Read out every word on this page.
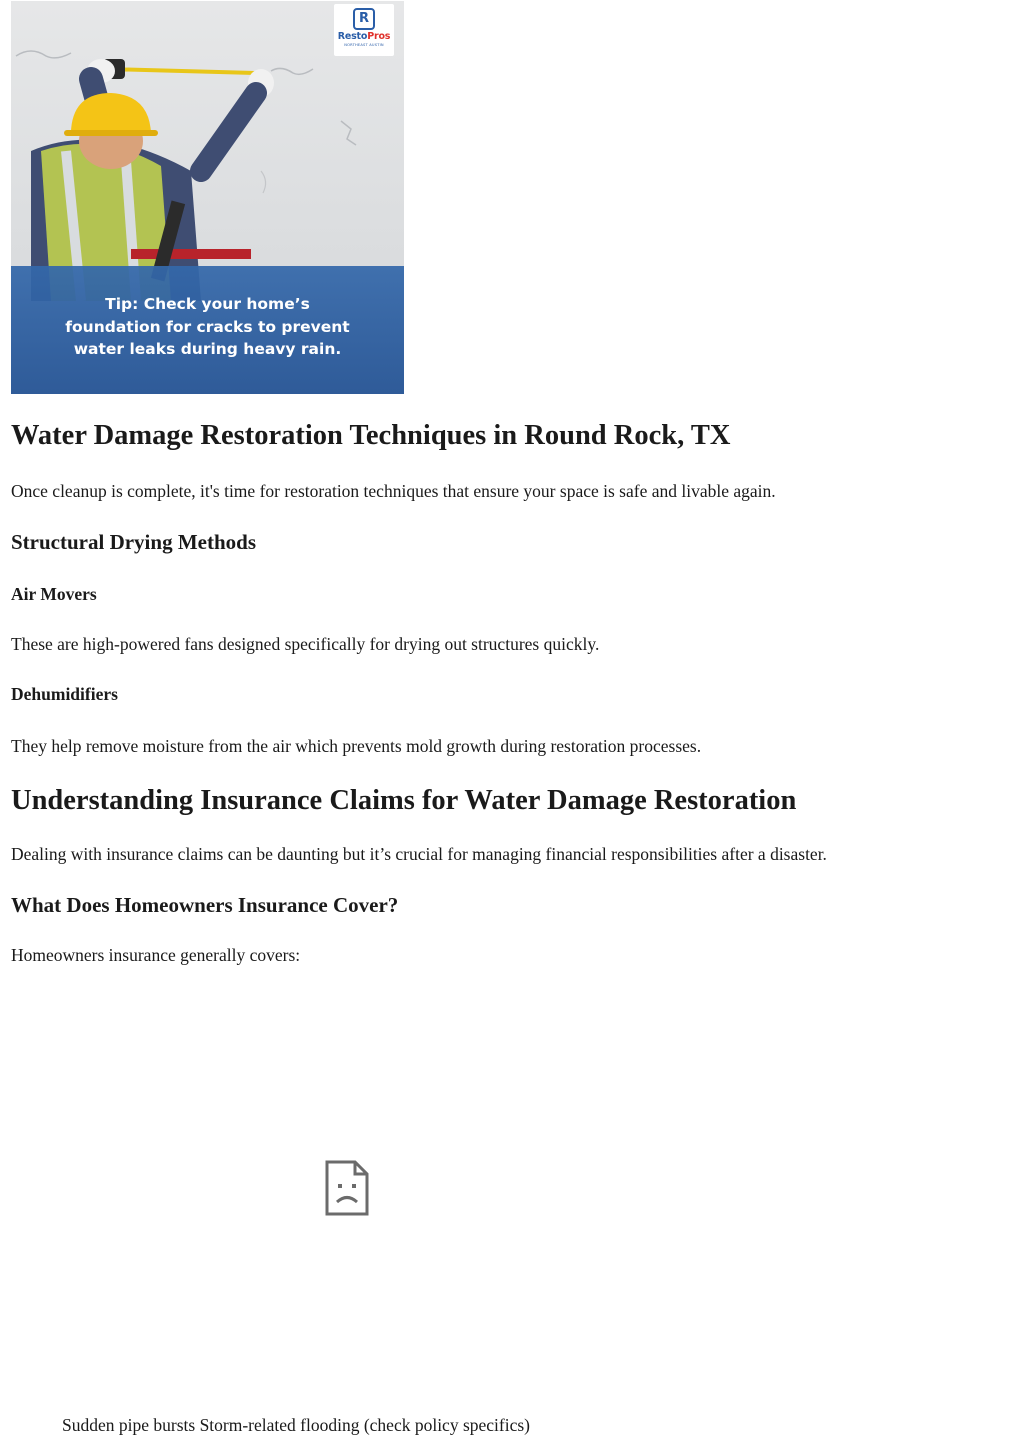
Tip: Check your home’s
foundation for cracks to prevent
water leaks during heavy rain.
R
RestoPros
NORTHEAST AUSTIN
Water Damage Restoration Techniques in Round Rock, TX

Once cleanup is complete, it's time for restoration techniques that ensure your space is safe and livable again.

Structural Drying Methods
Air Movers

These are high-powered fans designed specifically for drying out structures quickly.

Dehumidifiers

They help remove moisture from the air which prevents mold growth during restoration processes.

Understanding Insurance Claims for Water Damage Restoration

Dealing with insurance claims can be daunting but it’s crucial for managing financial responsibilities after a disaster.

What Does Homeowners Insurance Cover?

Homeowners insurance generally covers:

Sudden pipe bursts Storm-related flooding (check policy specifics)
